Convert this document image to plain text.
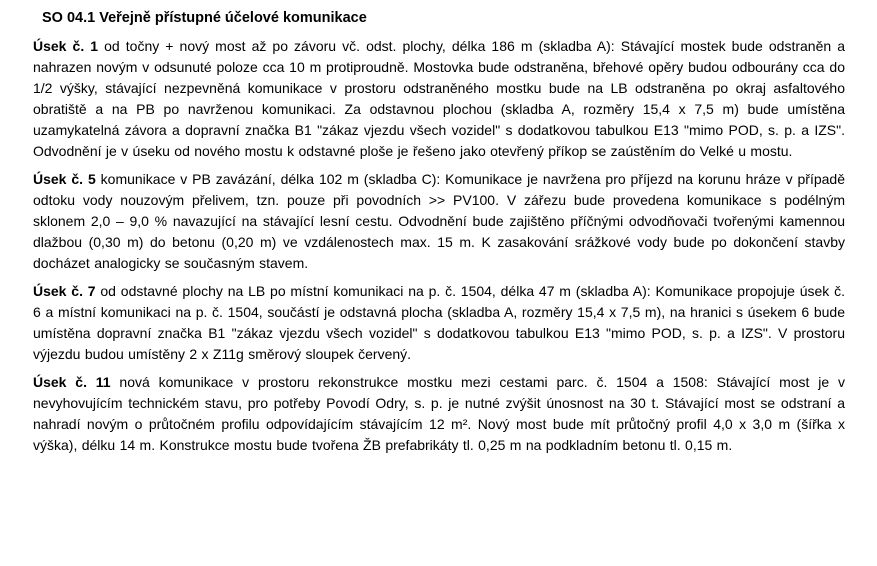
SO 04.1 Veřejně přístupné účelové komunikace

Úsek č. 1 od točny + nový most až po závoru vč. odst. plochy, délka 186 m (skladba A): Stávající mostek bude odstraněn a nahrazen novým v odsunuté poloze cca 10 m protiproudně. Mostovka bude odstraněna, břehové opěry budou odbourány cca do 1/2 výšky, stávající nezpevněná komunikace v prostoru odstraněného mostku bude na LB odstraněna po okraj asfaltového obratiště a na PB po navrženou komunikaci. Za odstavnou plochou (skladba A, rozměry 15,4 x 7,5 m) bude umístěna uzamykatelná závora a dopravní značka B1 "zákaz vjezdu všech vozidel" s dodatkovou tabulkou E13 "mimo POD, s. p. a IZS". Odvodnění je v úseku od nového mostu k odstavné ploše je řešeno jako otevřený příkop se zaústěním do Velké u mostu.

Úsek č. 5 komunikace v PB zavázání, délka 102 m (skladba C): Komunikace je navržena pro příjezd na korunu hráze v případě odtoku vody nouzovým přelivem, tzn. pouze při povodních >> PV100. V zářezu bude provedena komunikace s podélným sklonem 2,0 – 9,0 % navazující na stávající lesní cestu. Odvodnění bude zajištěno příčnými odvodňovači tvořenými kamennou dlažbou (0,30 m) do betonu (0,20 m) ve vzdálenostech max. 15 m. K zasakování srážkové vody bude po dokončení stavby docházet analogicky se současným stavem.

Úsek č. 7 od odstavné plochy na LB po místní komunikaci na p. č. 1504, délka 47 m (skladba A): Komunikace propojuje úsek č. 6 a místní komunikaci na p. č. 1504, součástí je odstavná plocha (skladba A, rozměry 15,4 x 7,5 m), na hranici s úsekem 6 bude umístěna dopravní značka B1 "zákaz vjezdu všech vozidel" s dodatkovou tabulkou E13 "mimo POD, s. p. a IZS". V prostoru výjezdu budou umístěny 2 x Z11g směrový sloupek červený.

Úsek č. 11 nová komunikace v prostoru rekonstrukce mostku mezi cestami parc. č. 1504 a 1508: Stávající most je v nevyhovujícím technickém stavu, pro potřeby Povodí Odry, s. p. je nutné zvýšit únosnost na 30 t. Stávající most se odstraní a nahradí novým o průtočném profilu odpovídajícím stávajícím 12 m². Nový most bude mít průtočný profil 4,0 x 3,0 m (šířka x výška), délku 14 m. Konstrukce mostu bude tvořena ŽB prefabrikáty tl. 0,25 m na podkladním betonu tl. 0,15 m.
